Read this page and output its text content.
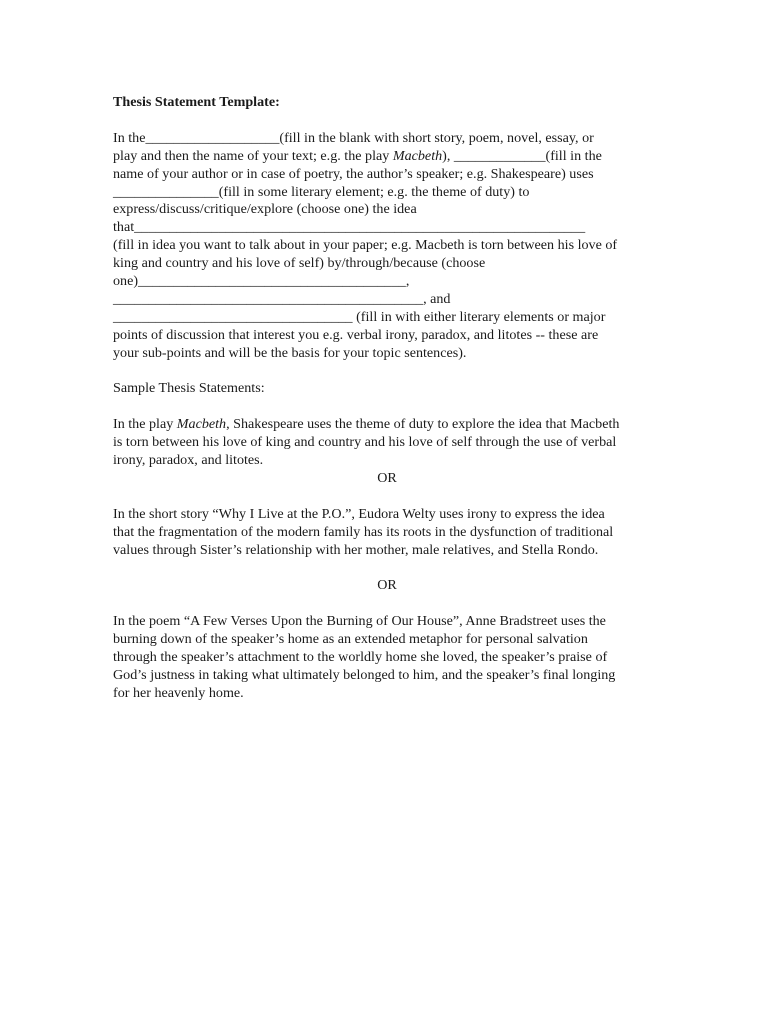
Thesis Statement Template:
In the___________________(fill in the blank with short story, poem, novel, essay, or
play and then the name of your text; e.g. the play Macbeth), _____________(fill in the
name of your author or in case of poetry, the author’s speaker; e.g. Shakespeare) uses
_______________(fill in some literary element; e.g. the theme of duty) to
express/discuss/critique/explore (choose one) the idea
that________________________________________________________________
(fill in idea you want to talk about in your paper; e.g. Macbeth is torn between his love of
king and country and his love of self) by/through/because (choose
one)______________________________________,
____________________________________________, and
__________________________________ (fill in with either literary elements or major
points of discussion that interest you e.g. verbal irony, paradox, and litotes -- these are
your sub-points and will be the basis for your topic sentences).
Sample Thesis Statements:
In the play Macbeth, Shakespeare uses the theme of duty to explore the idea that Macbeth
is torn between his love of king and country and his love of self through the use of verbal
irony, paradox, and litotes.
OR
In the short story “Why I Live at the P.O.”, Eudora Welty uses irony to express the idea
that the fragmentation of the modern family has its roots in the dysfunction of traditional
values through Sister’s relationship with her mother, male relatives, and Stella Rondo.
OR
In the poem “A Few Verses Upon the Burning of Our House”, Anne Bradstreet uses the
burning down of the speaker’s home as an extended metaphor for personal salvation
through the speaker’s attachment to the worldly home she loved, the speaker’s praise of
God’s justness in taking what ultimately belonged to him, and the speaker’s final longing
for her heavenly home.
